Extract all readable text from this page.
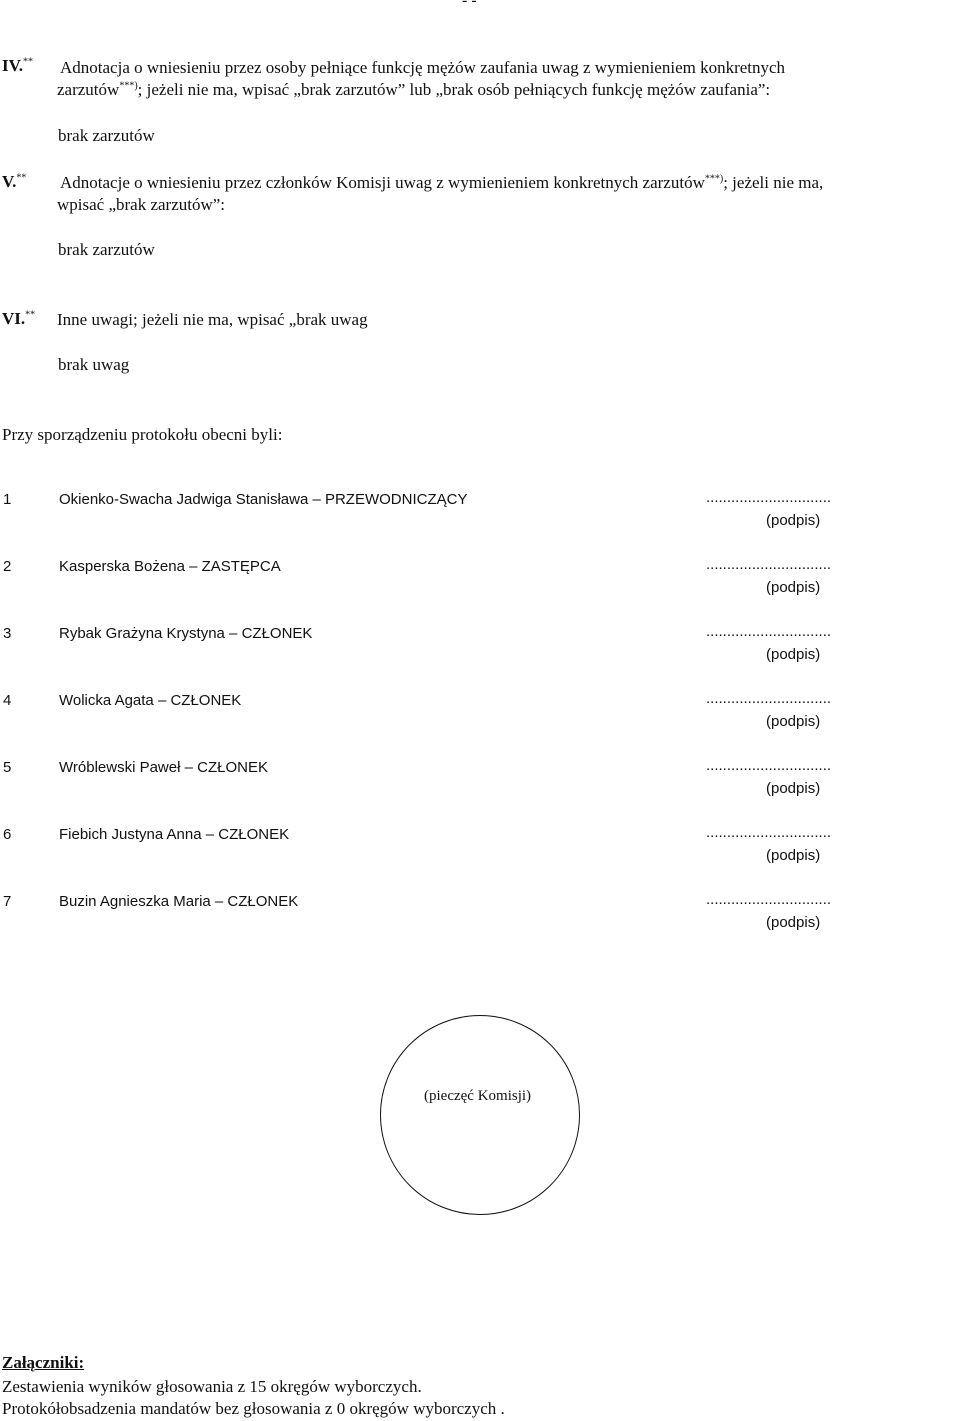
- -
IV.** Adnotacja o wniesieniu przez osoby pełniące funkcję mężów zaufania uwag z wymienieniem konkretnych
zarzutów***); jeżeli nie ma, wpisać „brak zarzutów” lub „brak osób pełniących funkcję mężów zaufania”:
brak zarzutów
V.** Adnotacje o wniesieniu przez członków Komisji uwag z wymienieniem konkretnych zarzutów***); jeżeli nie ma,
wpisać „brak zarzutów”:
brak zarzutów
VI.** Inne uwagi; jeżeli nie ma, wpisać „brak uwag
brak uwag
Przy sporządzeniu protokołu obecni byli:
1	Okienko-Swacha Jadwiga Stanisława – PRZEWODNICZĄCY	..............................
(podpis)
2	Kasperska Bożena – ZASTĘPCA	..............................
(podpis)
3	Rybak Grażyna Krystyna – CZŁONEK	..............................
(podpis)
4	Wolicka Agata – CZŁONEK	..............................
(podpis)
5	Wróblewski Paweł – CZŁONEK	..............................
(podpis)
6	Fiebich Justyna Anna – CZŁONEK	..............................
(podpis)
7	Buzin Agnieszka Maria – CZŁONEK	..............................
(podpis)
(pieczęć Komisji)
Załączniki:
Zestawienia wyników głosowania z 15 okręgów wyborczych.
Protokółobsadzenia mandatów bez głosowania z 0 okręgów wyborczych .
